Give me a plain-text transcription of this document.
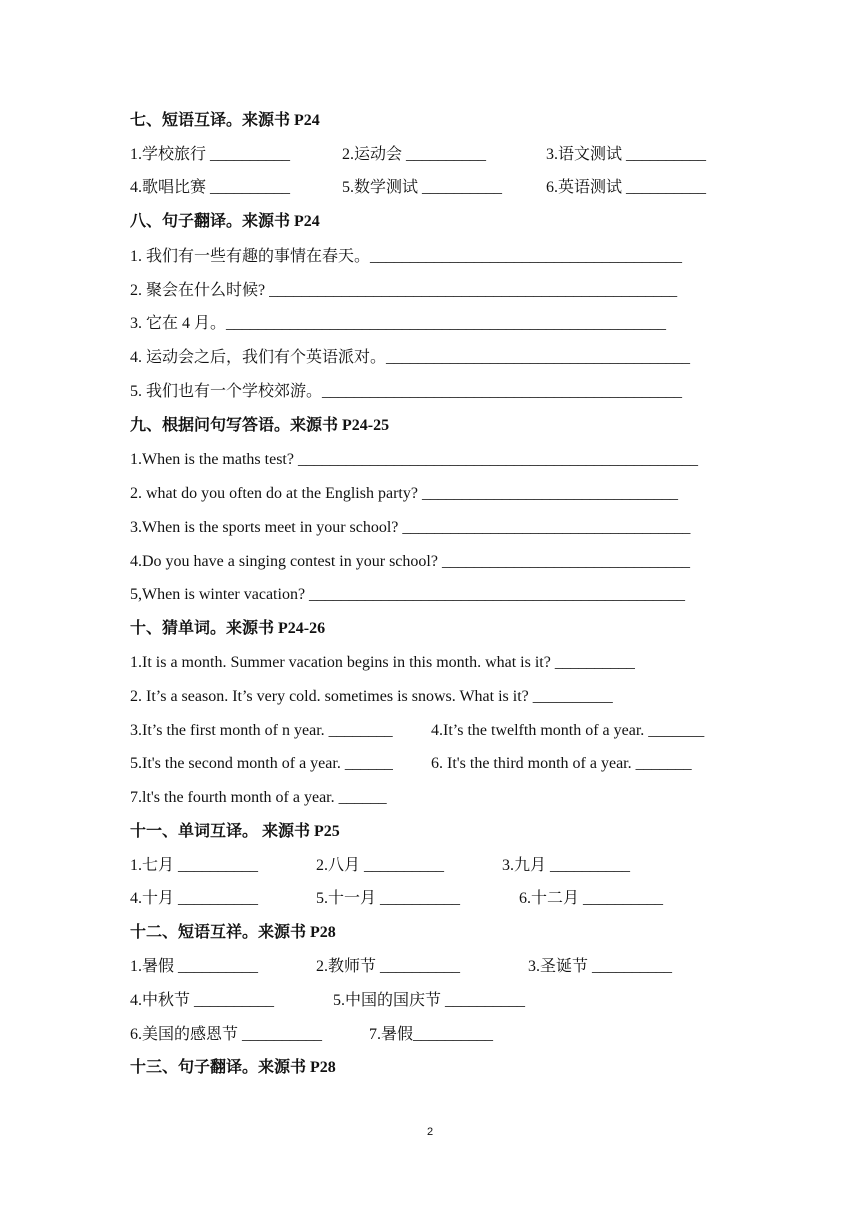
七、短语互译。来源书 P24
1.学校旅行 __________	2.运动会 __________	3.语文测试 __________
4.歌唱比赛 __________	5.数学测试 __________	6.英语测试 __________
八、句子翻译。来源书 P24
1. 我们有一些有趣的事情在春天。_______________________________________
2. 聚会在什么时候? ___________________________________________________
3. 它在 4 月。_______________________________________________________
4. 运动会之后，我们有个英语派对。______________________________________
5. 我们也有一个学校郊游。_____________________________________________
九、根据问句写答语。来源书 P24-25
1.When is the maths test? __________________________________________________
2. what do you often do at the English party? ________________________________
3.When is the sports meet in your school? ____________________________________
4.Do you have a singing contest in your school? _______________________________
5,When is winter vacation? _______________________________________________
十、猜单词。来源书 P24-26
1.It is a month. Summer vacation begins in this month. what is it? __________
2. It’s a season. It’s very cold. sometimes is snows. What is it? __________
3.It’s the first month of n year. ________ 4.It’s the twelfth month of a year. _______
5.It's the second month of a year. ______ 6. It's the third month of a year. _______
7.lt's the fourth month of a year. ______
十一、单词互译。 来源书 P25
1.七月 __________	2.八月 __________	3.九月 __________
4.十月 __________	5.十一月 __________	6.十二月 __________
十二、短语互祥。来源书 P28
1.暑假 __________	2.教师节 __________	3.圣诞节 __________
4.中秋节 __________	5.中国的国庆节 __________
6.美国的感恩节 __________	7.暑假__________
十三、句子翻译。来源书 P28
2
